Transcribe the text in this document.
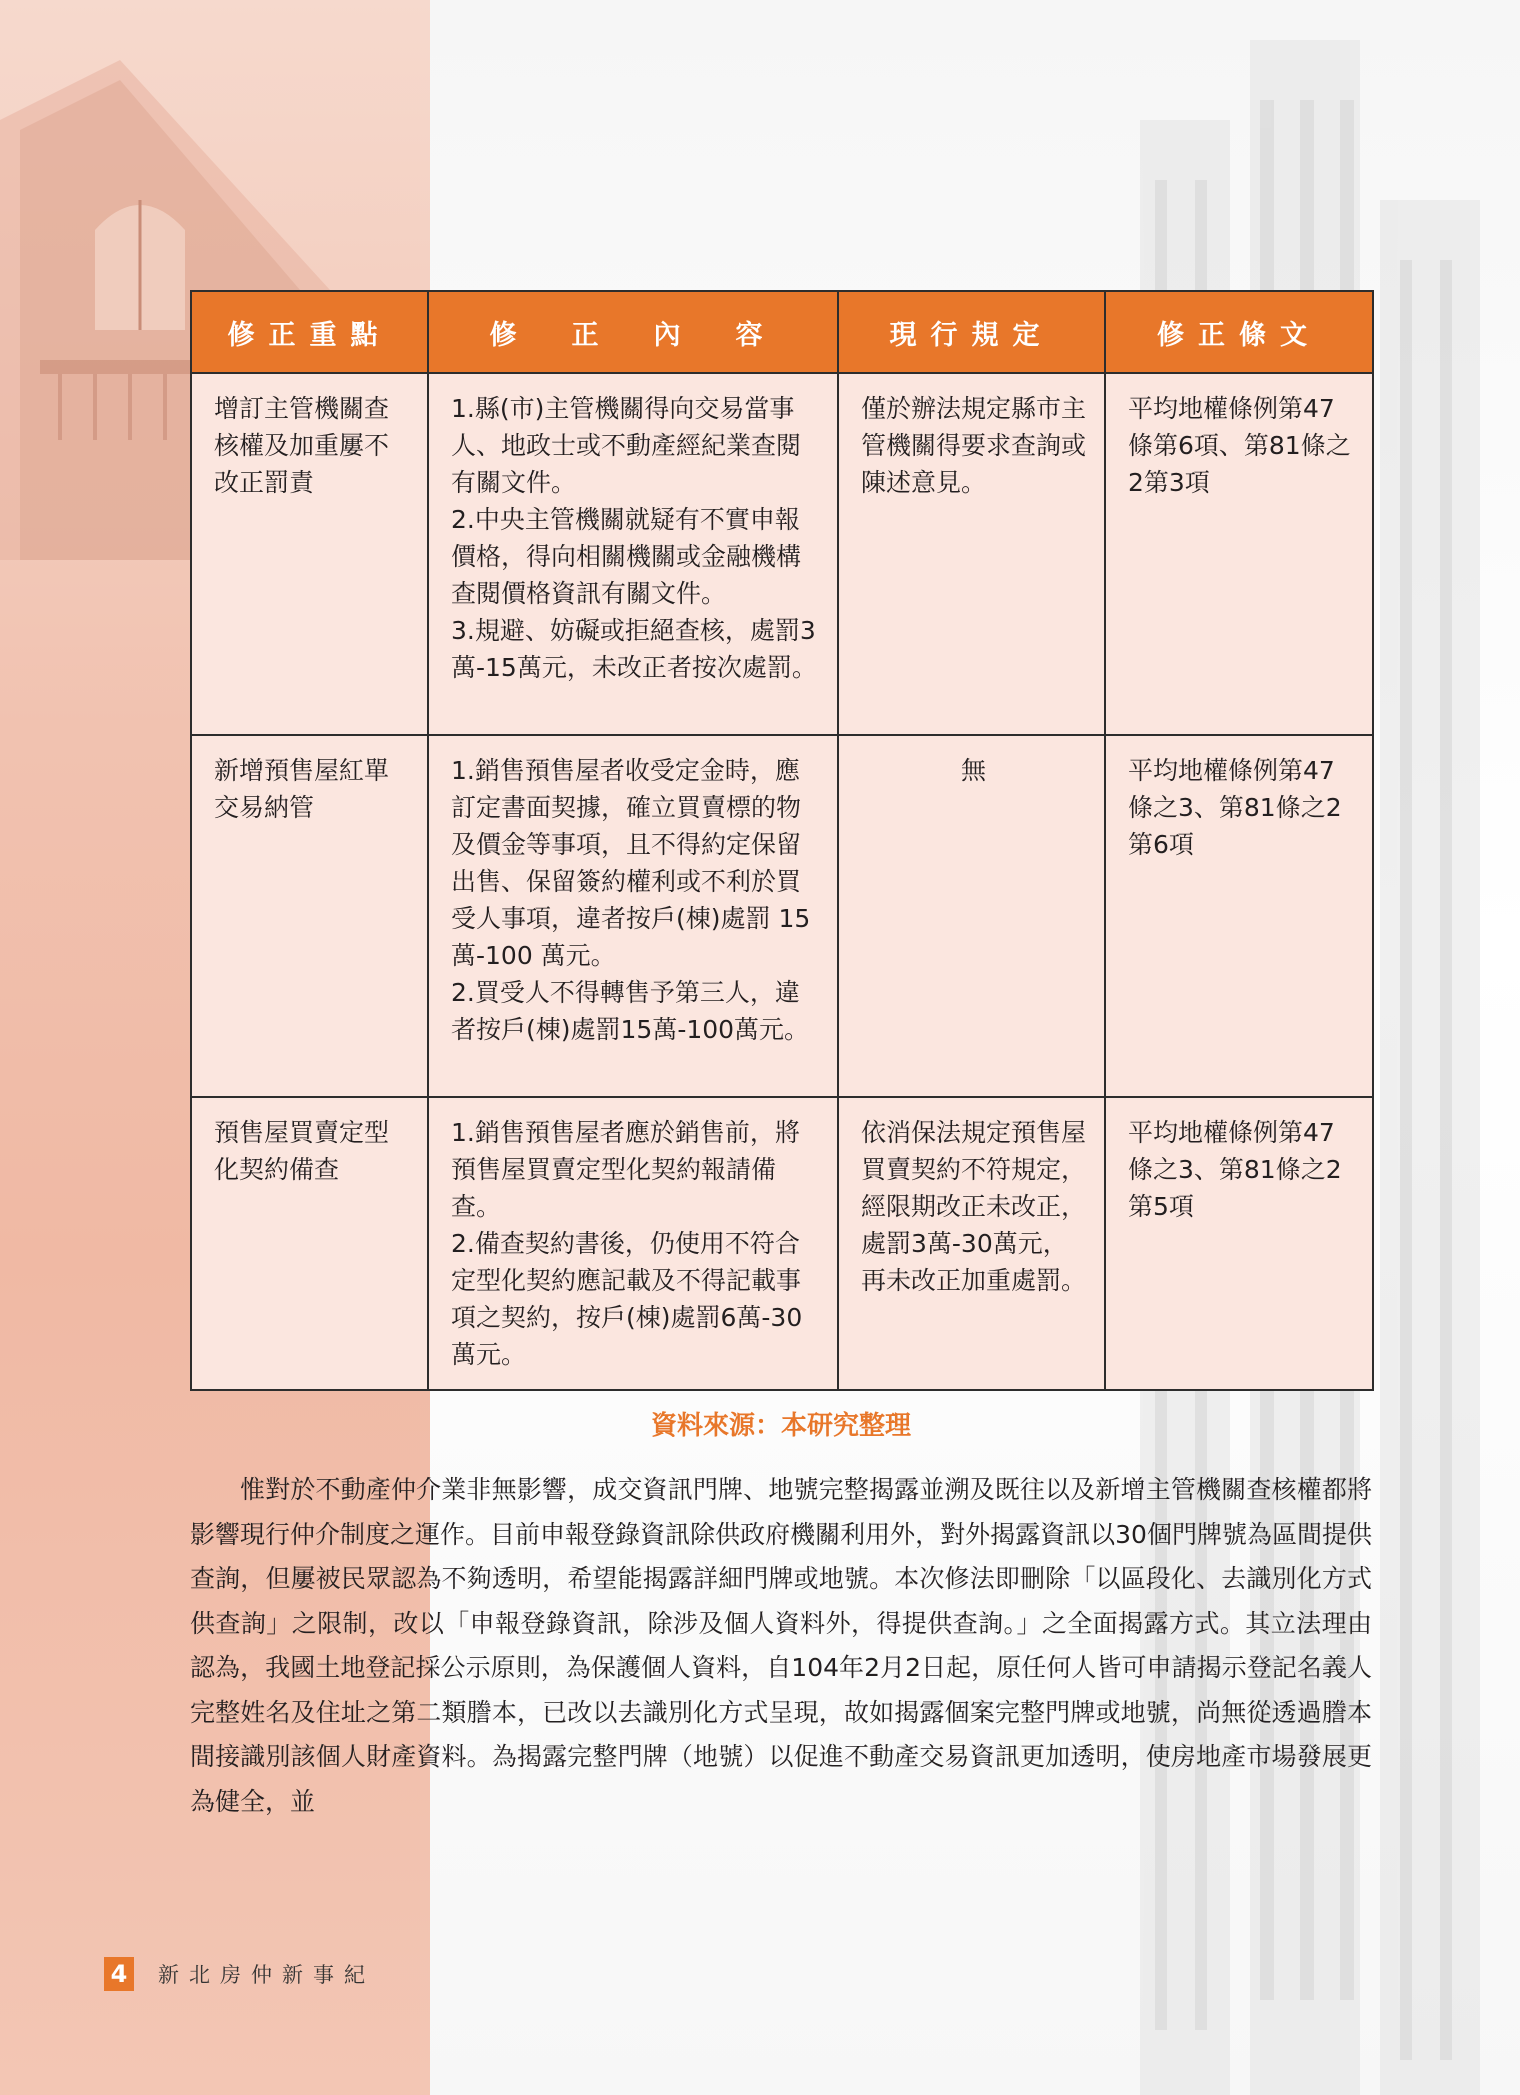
修正重點	修　正　內　容	現行規定	修正條文
增訂主管機關查核權及加重屢不改正罰責	1.縣(市)主管機關得向交易當事人、地政士或不動產經紀業查閱有關文件。
2.中央主管機關就疑有不實申報價格，得向相關機關或金融機構查閱價格資訊有關文件。
3.規避、妨礙或拒絕查核，處罰3萬-15萬元，未改正者按次處罰。	僅於辦法規定縣市主管機關得要求查詢或陳述意見。	平均地權條例第47條第6項、第81條之2第3項
新增預售屋紅單交易納管	1.銷售預售屋者收受定金時，應訂定書面契據，確立買賣標的物及價金等事項，且不得約定保留出售、保留簽約權利或不利於買受人事項，違者按戶(棟)處罰 15 萬-100 萬元。
2.買受人不得轉售予第三人，違者按戶(棟)處罰15萬-100萬元。	無	平均地權條例第47條之3、第81條之2第6項
預售屋買賣定型化契約備查	1.銷售預售屋者應於銷售前，將預售屋買賣定型化契約報請備查。
2.備查契約書後，仍使用不符合定型化契約應記載及不得記載事項之契約，按戶(棟)處罰6萬-30萬元。	依消保法規定預售屋買賣契約不符規定，經限期改正未改正，處罰3萬-30萬元，再未改正加重處罰。	平均地權條例第47條之3、第81條之2第5項
資料來源：本研究整理

惟對於不動產仲介業非無影響，成交資訊門牌、地號完整揭露並溯及既往以及新增主管機關查核權都將影響現行仲介制度之運作。目前申報登錄資訊除供政府機關利用外，對外揭露資訊以30個門牌號為區間提供查詢，但屢被民眾認為不夠透明，希望能揭露詳細門牌或地號。本次修法即刪除「以區段化、去識別化方式供查詢」之限制，改以「申報登錄資訊，除涉及個人資料外，得提供查詢。」之全面揭露方式。其立法理由認為，我國土地登記採公示原則，為保護個人資料，自104年2月2日起，原任何人皆可申請揭示登記名義人完整姓名及住址之第二類謄本，已改以去識別化方式呈現，故如揭露個案完整門牌或地號，尚無從透過謄本間接識別該個人財產資料。為揭露完整門牌（地號）以促進不動產交易資訊更加透明，使房地產市場發展更為健全，並

4	新北房仲新事紀
